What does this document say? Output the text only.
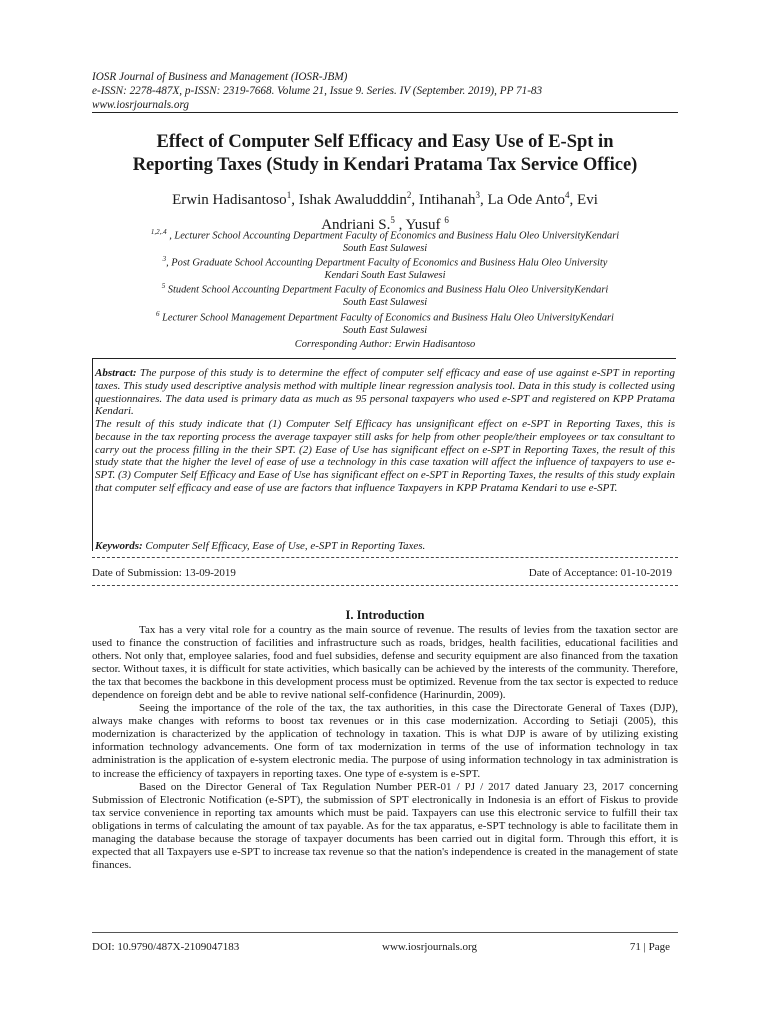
IOSR Journal of Business and Management (IOSR-JBM)
e-ISSN: 2278-487X, p-ISSN: 2319-7668. Volume 21, Issue 9. Series. IV (September. 2019), PP 71-83
www.iosrjournals.org
Effect of Computer Self Efficacy and Easy Use of E-Spt in
Reporting Taxes (Study in Kendari Pratama Tax Service Office)
Erwin Hadisantoso$^1$, Ishak Awaludddin$^2$, Intihanah$^3$, La Ode Anto$^4$, Evi
Andriani S.$^5$ , Yusuf $^6$
$^{1,2,.4}$ , Lecturer School Accounting Department Faculty of Economics and Business Halu Oleo UniversityKendari
South East Sulawesi
$^3$, Post Graduate School Accounting Department Faculty of Economics and Business Halu Oleo University
Kendari South East Sulawesi
$^5$ Student School Accounting Department Faculty of Economics and Business Halu Oleo UniversityKendari
South East Sulawesi
$^6$ Lecturer School Management Department Faculty of Economics and Business Halu Oleo UniversityKendari
South East Sulawesi
Corresponding Author: Erwin Hadisantoso
Abstract: The purpose of this study is to determine the effect of computer self efficacy and ease of use against e-SPT in reporting taxes. This study used descriptive analysis method with multiple linear regression analysis tool. Data in this study is collected using questionnaires. The data used is primary data as much as 95 personal taxpayers who used e-SPT and registered on KPP Pratama Kendari.
The result of this study indicate that (1) Computer Self Efficacy has unsignificant effect on e-SPT in Reporting Taxes, this is because in the tax reporting process the average taxpayer still asks for help from other people/their employees or tax consultant to carry out the process filling in the their SPT. (2) Ease of Use has significant effect on e-SPT in Reporting Taxes, the result of this study state that the higher the level of ease of use a technology in this case taxation will affect the influence of taxpayers to use e-SPT. (3) Computer Self Efficacy and Ease of Use has significant effect on e-SPT in Reporting Taxes, the results of this study explain that computer self efficacy and ease of use are factors that influence Taxpayers in KPP Pratama Kendari to use e-SPT.
Keywords: Computer Self Efficacy, Ease of Use, e-SPT in Reporting Taxes.
Date of Submission: 13-09-2019	Date of Acceptance: 01-10-2019
I. Introduction

Tax has a very vital role for a country as the main source of revenue. The results of levies from the taxation sector are used to finance the construction of facilities and infrastructure such as roads, bridges, health facilities, educational facilities and others. Not only that, employee salaries, food and fuel subsidies, defense and security equipment are also financed from the taxation sector. Without taxes, it is difficult for state activities, which basically can be achieved by the interests of the community. Therefore, the tax that becomes the backbone in this development process must be optimized. Revenue from the tax sector is expected to reduce dependence on foreign debt and be able to revive national self-confidence (Harinurdin, 2009).

Seeing the importance of the role of the tax, the tax authorities, in this case the Directorate General of Taxes (DJP), always make changes with reforms to boost tax revenues or in this case modernization. According to Setiaji (2005), this modernization is characterized by the application of technology in taxation. This is what DJP is aware of by utilizing existing information technology advancements. One form of tax modernization in terms of the use of information technology in tax administration is the application of e-system electronic media. The purpose of using information technology in tax administration is to increase the efficiency of taxpayers in reporting taxes. One type of e-system is e-SPT.

Based on the Director General of Tax Regulation Number PER-01 / PJ / 2017 dated January 23, 2017 concerning Submission of Electronic Notification (e-SPT), the submission of SPT electronically in Indonesia is an effort of Fiskus to provide tax service convenience in reporting tax amounts which must be paid. Taxpayers can use this electronic service to fulfill their tax obligations in terms of calculating the amount of tax payable. As for the tax apparatus, e-SPT technology is able to facilitate them in managing the database because the storage of taxpayer documents has been carried out in digital form. Through this effort, it is expected that all Taxpayers use e-SPT to increase tax revenue so that the nation's independence is created in the management of state finances.

DOI: 10.9790/487X-2109047183	www.iosrjournals.org	71 | Page
